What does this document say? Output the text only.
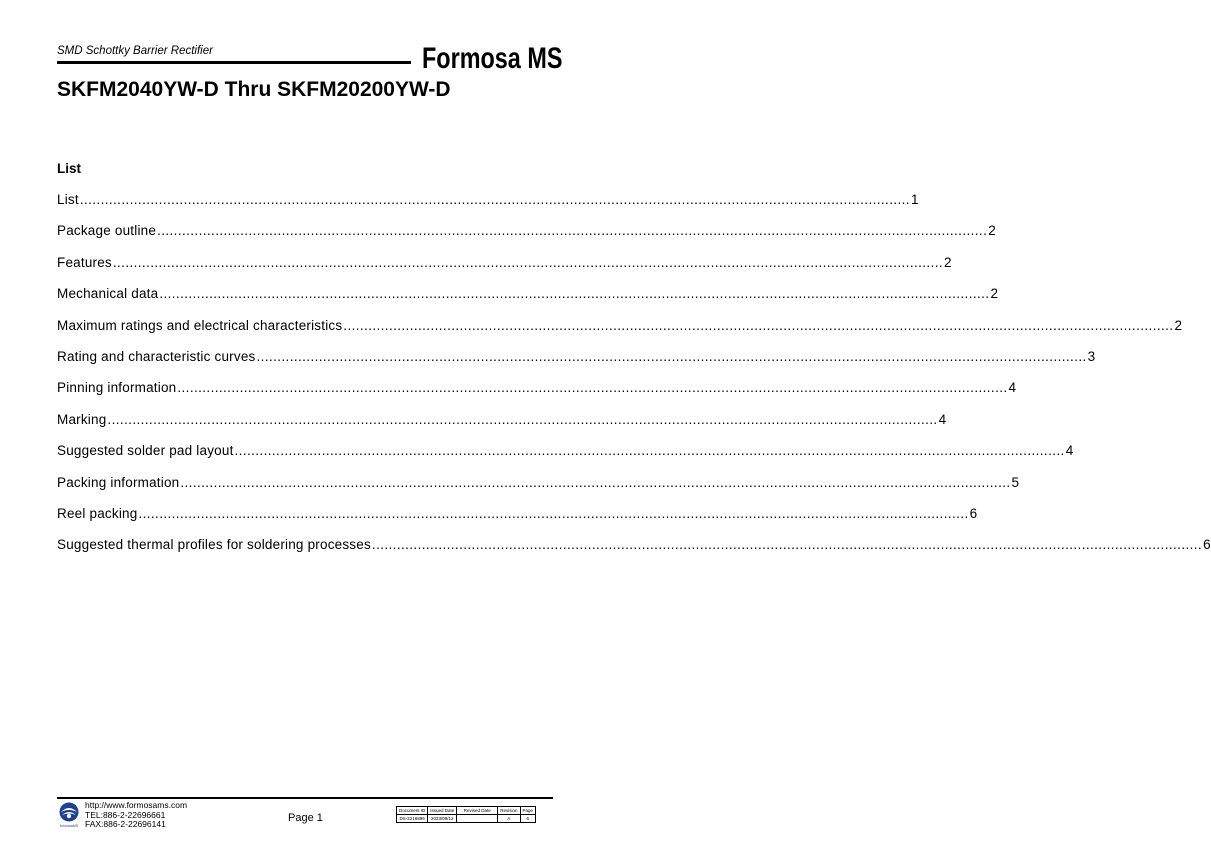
SMD Schottky Barrier Rectifier	Formosa MS
SKFM2040YW-D Thru SKFM20200YW-D
List
List ........................................................................................................................................................................................................ 1
Package outline ........................................................................................................................................................................................................ 2
Features ........................................................................................................................................................................................................ 2
Mechanical data ........................................................................................................................................................................................................ 2
Maximum ratings and electrical characteristics ........................................................................................................................................................................................................ 2
Rating and characteristic curves ........................................................................................................................................................................................................ 3
Pinning information ........................................................................................................................................................................................................ 4
Marking ........................................................................................................................................................................................................ 4
Suggested solder pad layout ........................................................................................................................................................................................................ 4
Packing information ........................................................................................................................................................................................................ 5
Reel packing ........................................................................................................................................................................................................ 6
Suggested thermal profiles for soldering processes ........................................................................................................................................................................................................ 6
formosaMS
http://www.formosams.com
TEL:886-2-22696661
FAX:886-2-22696141	Page 1
Document ID	Issued Date	Revised Date	Revision	Page
DS-2216896	2023/09/12		A	6
